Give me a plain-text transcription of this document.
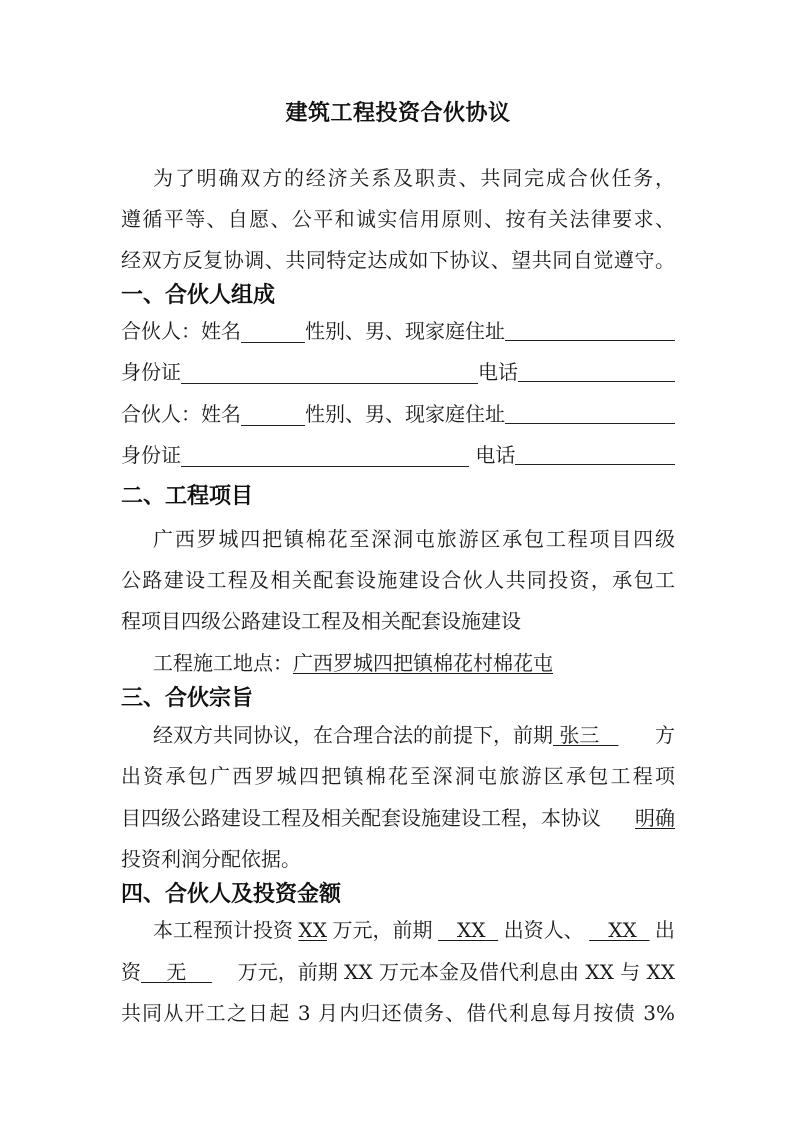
建筑工程投资合伙协议
为了明确双方的经济关系及职责、共同完成合伙任务，
遵循平等、自愿、公平和诚实信用原则、按有关法律要求、
经双方反复协调、共同特定达成如下协议、望共同自觉遵守。
一、合伙人组成
合伙人：姓名	性别、男、现家庭住址
身份证	电话
合伙人：姓名	性别、男、现家庭住址
身份证	电话
二、工程项目
广西罗城四把镇棉花至深洞屯旅游区承包工程项目四级
公路建设工程及相关配套设施建设合伙人共同投资，承包工
程项目四级公路建设工程及相关配套设施建设
工程施工地点：广西罗城四把镇棉花村棉花屯
三、合伙宗旨
经双方共同协议，在合理合法的前提下，前期 张三 方
出资承包广西罗城四把镇棉花至深洞屯旅游区承包工程项
目四级公路建设工程及相关配套设施建设工程，本协议 明确
投资利润分配依据。
四、合伙人及投资金额
本工程预计投资 XX 万元，前期 XX 出资人、 XX 出
资    无 万元，前期 XX 万元本金及借代利息由 XX 与 XX
共同从开工之日起 3 月内归还债务、借代利息每月按债 3%
